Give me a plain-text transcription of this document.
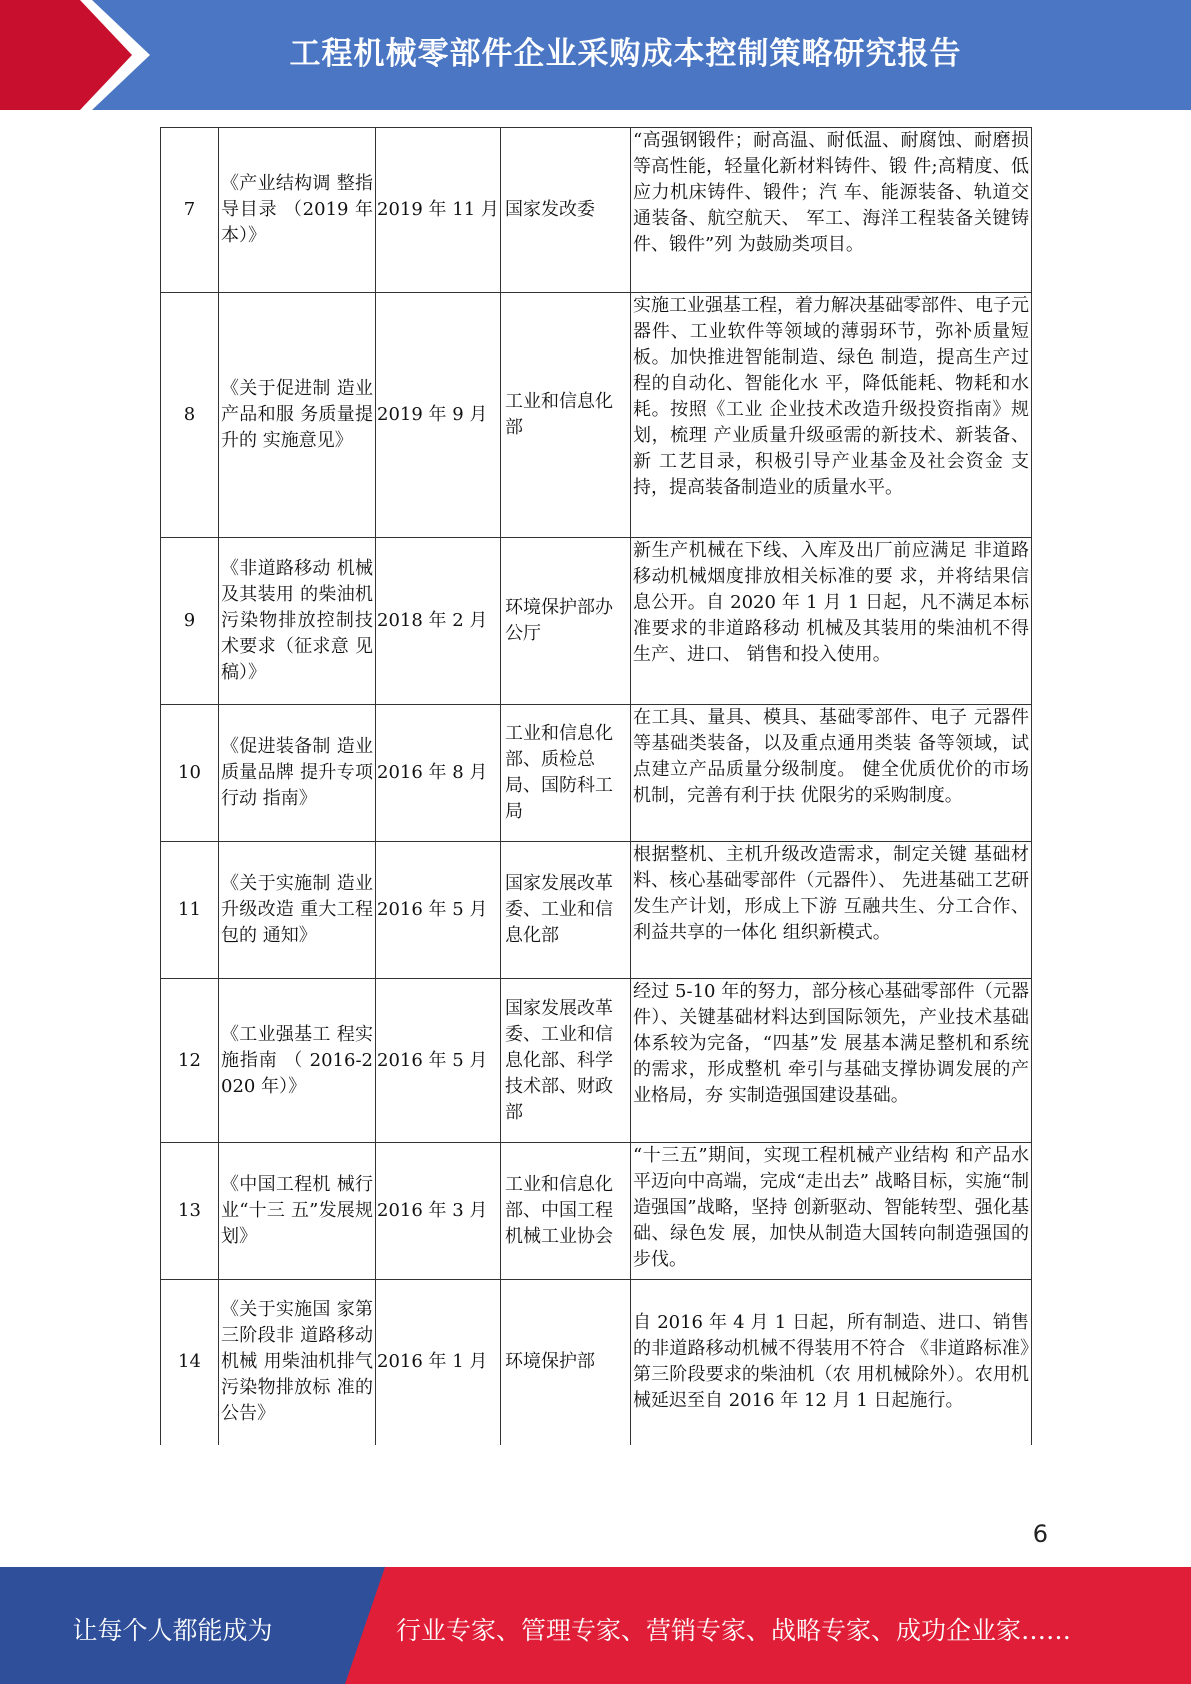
工程机械零部件企业采购成本控制策略研究报告
7	《产业结构调 整指导目录 （2019 年本）》	2019 年 11 月	国家发改委	“高强钢锻件；耐高温、耐低温、耐腐蚀、耐磨损等高性能，轻量化新材料铸件、锻 件;高精度、低应力机床铸件、锻件；汽 车、能源装备、轨道交通装备、航空航天、 军工、海洋工程装备关键铸件、锻件”列 为鼓励类项目。
8	《关于促进制 造业产品和服 务质量提升的 实施意见》	2019 年 9 月	工业和信息化部	实施工业强基工程，着力解决基础零部件、电子元器件、工业软件等领域的薄弱环节，弥补质量短板。加快推进智能制造、绿色 制造，提高生产过程的自动化、智能化水 平，降低能耗、物耗和水耗。按照《工业 企业技术改造升级投资指南》规划，梳理 产业质量升级亟需的新技术、新装备、新 工艺目录，积极引导产业基金及社会资金 支持，提高装备制造业的质量水平。
9	《非道路移动 机械及其装用 的柴油机污染物排放控制技 术要求（征求意 见稿）》	2018 年 2 月	环境保护部办公厅	新生产机械在下线、入库及出厂前应满足 非道路移动机械烟度排放相关标准的要 求，并将结果信息公开。自 2020 年 1 月 1 日起，凡不满足本标准要求的非道路移动 机械及其装用的柴油机不得生产、进口、 销售和投入使用。
10	《促进装备制 造业质量品牌 提升专项行动 指南》	2016 年 8 月	工业和信息化部、质检总局、国防科工局	在工具、量具、模具、基础零部件、电子 元器件等基础类装备，以及重点通用类装 备等领域，试点建立产品质量分级制度。 健全优质优价的市场机制，完善有利于扶 优限劣的采购制度。
11	《关于实施制 造业升级改造 重大工程包的 通知》	2016 年 5 月	国家发展改革委、工业和信息化部	根据整机、主机升级改造需求，制定关键 基础材料、核心基础零部件（元器件）、 先进基础工艺研发生产计划，形成上下游 互融共生、分工合作、利益共享的一体化 组织新模式。
12	《工业强基工 程实施指南 （ 2016-2020 年）》	2016 年 5 月	国家发展改革委、工业和信息化部、科学技术部、财政部	经过 5-10 年的努力，部分核心基础零部件（元器件）、关键基础材料达到国际领先，产业技术基础体系较为完备，“四基”发 展基本满足整机和系统的需求，形成整机 牵引与基础支撑协调发展的产业格局，夯 实制造强国建设基础。
13	《中国工程机 械行业“十三 五”发展规划》	2016 年 3 月	工业和信息化部、中国工程机械工业协会	“十三五”期间，实现工程机械产业结构 和产品水平迈向中高端，完成“走出去” 战略目标，实施“制造强国”战略，坚持 创新驱动、智能转型、强化基础、绿色发 展，加快从制造大国转向制造强国的步伐。
14	《关于实施国 家第三阶段非 道路移动机械 用柴油机排气 污染物排放标 准的公告》	2016 年 1 月	环境保护部	自 2016 年 4 月 1 日起，所有制造、进口、销售的非道路移动机械不得装用不符合 《非道路标准》第三阶段要求的柴油机（农 用机械除外）。农用机械延迟至自 2016 年 12 月 1 日起施行。
6
让每个人都能成为	行业专家、管理专家、营销专家、战略专家、成功企业家……
